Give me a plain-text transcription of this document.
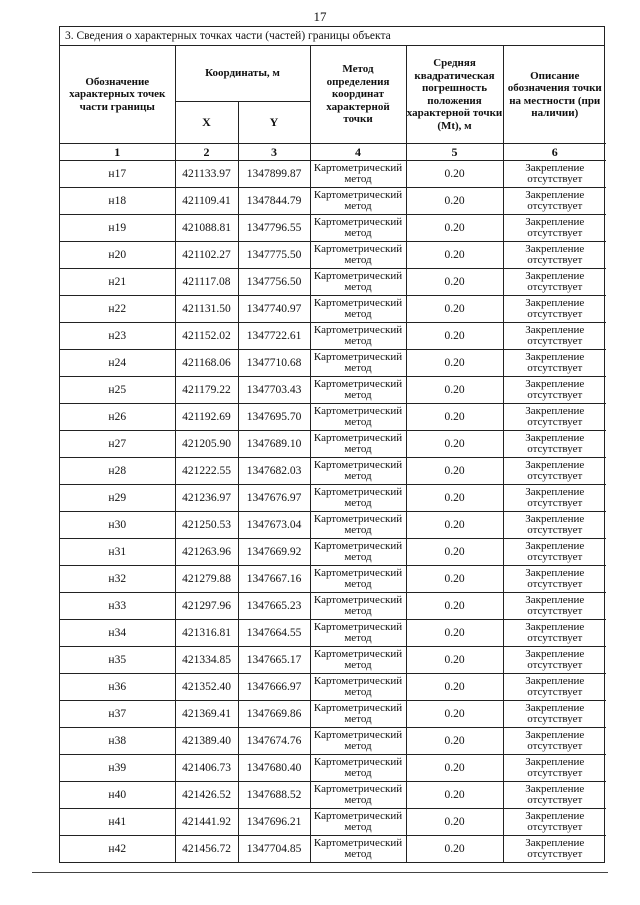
17
3. Сведения о характерных точках части (частей) границы объекта
Обозначение характерных точек части границы	Координаты, м		Метод определения координат характерной точки	Средняя квадратическая погрешность положения характерной точки (Mt), м	Описание обозначения точки на местности (при наличии)
	X	Y			
1	2	3	4	5	6
н17	421133.97	1347899.87	Картометрический метод	0.20	Закрепление отсутствует
н18	421109.41	1347844.79	Картометрический метод	0.20	Закрепление отсутствует
н19	421088.81	1347796.55	Картометрический метод	0.20	Закрепление отсутствует
н20	421102.27	1347775.50	Картометрический метод	0.20	Закрепление отсутствует
н21	421117.08	1347756.50	Картометрический метод	0.20	Закрепление отсутствует
н22	421131.50	1347740.97	Картометрический метод	0.20	Закрепление отсутствует
н23	421152.02	1347722.61	Картометрический метод	0.20	Закрепление отсутствует
н24	421168.06	1347710.68	Картометрический метод	0.20	Закрепление отсутствует
н25	421179.22	1347703.43	Картометрический метод	0.20	Закрепление отсутствует
н26	421192.69	1347695.70	Картометрический метод	0.20	Закрепление отсутствует
н27	421205.90	1347689.10	Картометрический метод	0.20	Закрепление отсутствует
н28	421222.55	1347682.03	Картометрический метод	0.20	Закрепление отсутствует
н29	421236.97	1347676.97	Картометрический метод	0.20	Закрепление отсутствует
н30	421250.53	1347673.04	Картометрический метод	0.20	Закрепление отсутствует
н31	421263.96	1347669.92	Картометрический метод	0.20	Закрепление отсутствует
н32	421279.88	1347667.16	Картометрический метод	0.20	Закрепление отсутствует
н33	421297.96	1347665.23	Картометрический метод	0.20	Закрепление отсутствует
н34	421316.81	1347664.55	Картометрический метод	0.20	Закрепление отсутствует
н35	421334.85	1347665.17	Картометрический метод	0.20	Закрепление отсутствует
н36	421352.40	1347666.97	Картометрический метод	0.20	Закрепление отсутствует
н37	421369.41	1347669.86	Картометрический метод	0.20	Закрепление отсутствует
н38	421389.40	1347674.76	Картометрический метод	0.20	Закрепление отсутствует
н39	421406.73	1347680.40	Картометрический метод	0.20	Закрепление отсутствует
н40	421426.52	1347688.52	Картометрический метод	0.20	Закрепление отсутствует
н41	421441.92	1347696.21	Картометрический метод	0.20	Закрепление отсутствует
н42	421456.72	1347704.85	Картометрический метод	0.20	Закрепление отсутствует
